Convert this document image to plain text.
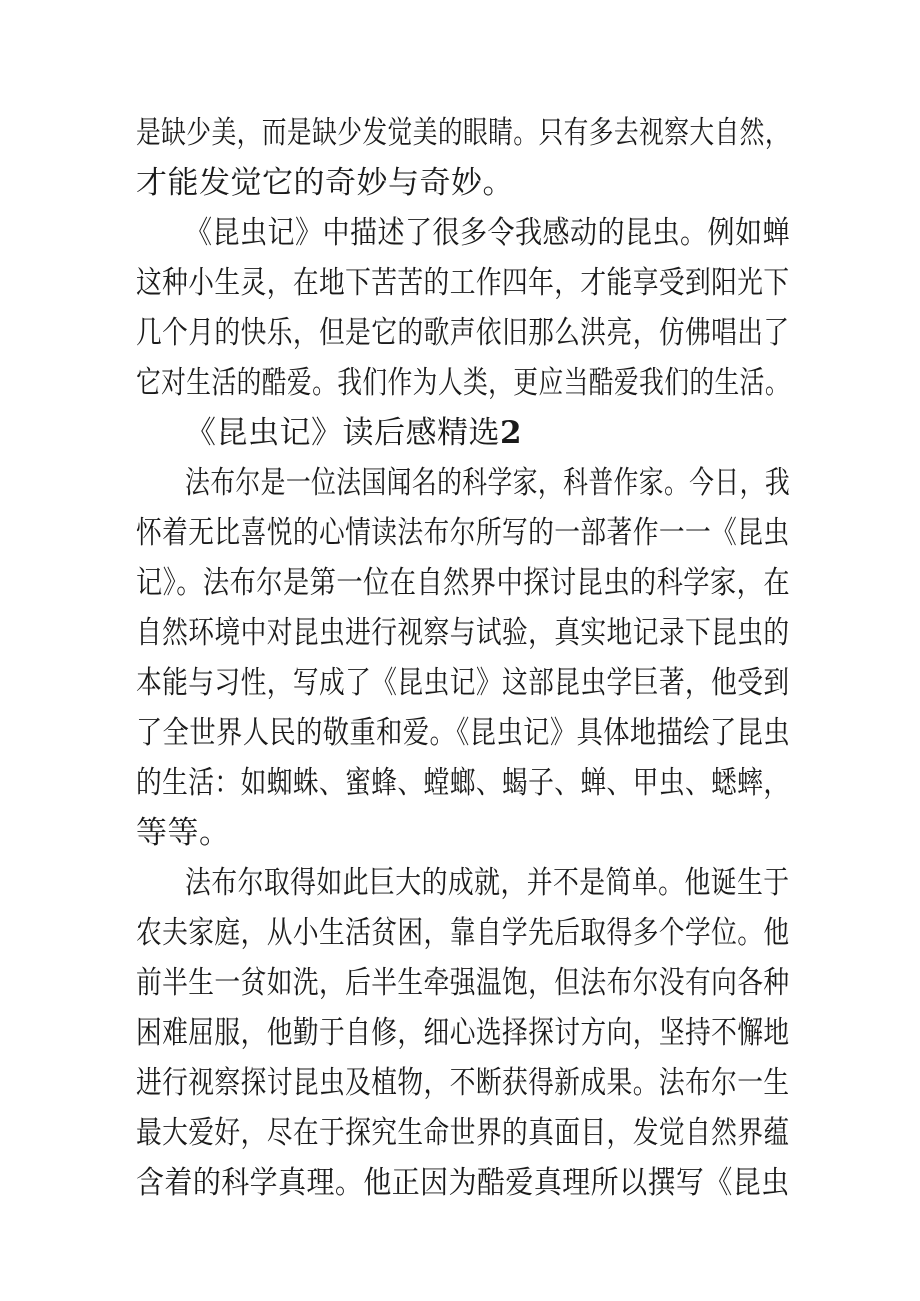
是缺少美，而是缺少发觉美的眼睛。只有多去视察大自然，
才能发觉它的奇妙与奇妙。
《昆虫记》中描述了很多令我感动的昆虫。例如蝉
这种小生灵，在地下苦苦的工作四年，才能享受到阳光下
几个月的快乐，但是它的歌声依旧那么洪亮，仿佛唱出了
它对生活的酷爱。我们作为人类，更应当酷爱我们的生活。
《昆虫记》读后感精选2
法布尔是一位法国闻名的科学家，科普作家。今日，我
怀着无比喜悦的心情读法布尔所写的一部著作一一《昆虫
记》。法布尔是第一位在自然界中探讨昆虫的科学家，在
自然环境中对昆虫进行视察与试验，真实地记录下昆虫的
本能与习性，写成了《昆虫记》这部昆虫学巨著，他受到
了全世界人民的敬重和爱。《昆虫记》具体地描绘了昆虫
的生活：如蜘蛛、蜜蜂、螳螂、蝎子、蝉、甲虫、蟋蟀，
等等。
法布尔取得如此巨大的成就，并不是简单。他诞生于
农夫家庭，从小生活贫困，靠自学先后取得多个学位。他
前半生一贫如洗，后半生牵强温饱，但法布尔没有向各种
困难屈服，他勤于自修，细心选择探讨方向，坚持不懈地
进行视察探讨昆虫及植物，不断获得新成果。法布尔一生
最大爱好，尽在于探究生命世界的真面目，发觉自然界蕴
含着的科学真理。他正因为酷爱真理所以撰写《昆虫
